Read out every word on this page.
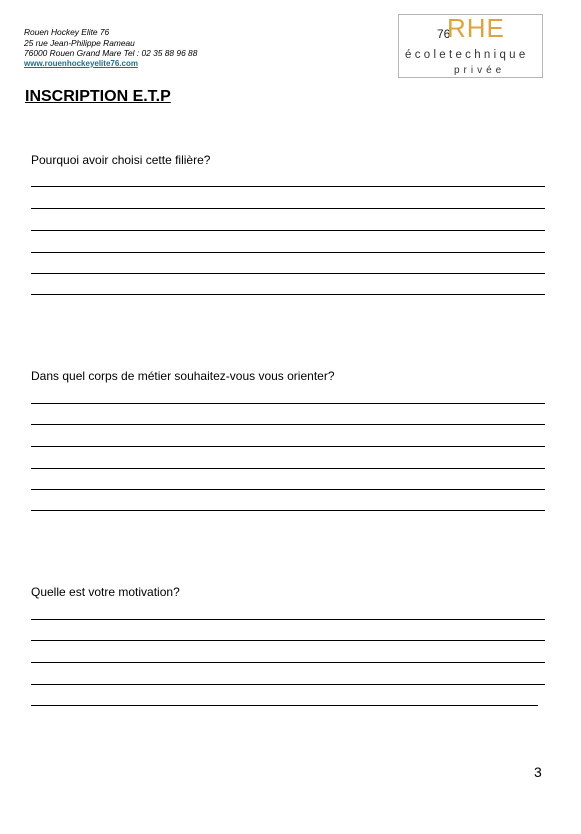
Rouen Hockey Elite 76
25 rue Jean-Philippe Rameau
76000 Rouen Grand Mare Tel : 02 35 88 96 88
www.rouenhockeyelite76.com
76
RHE
écoletechnique
privée
INSCRIPTION E.T.P
Pourquoi avoir choisi cette filière?
Dans quel corps de métier souhaitez-vous vous orienter?
Quelle est votre motivation?
3
